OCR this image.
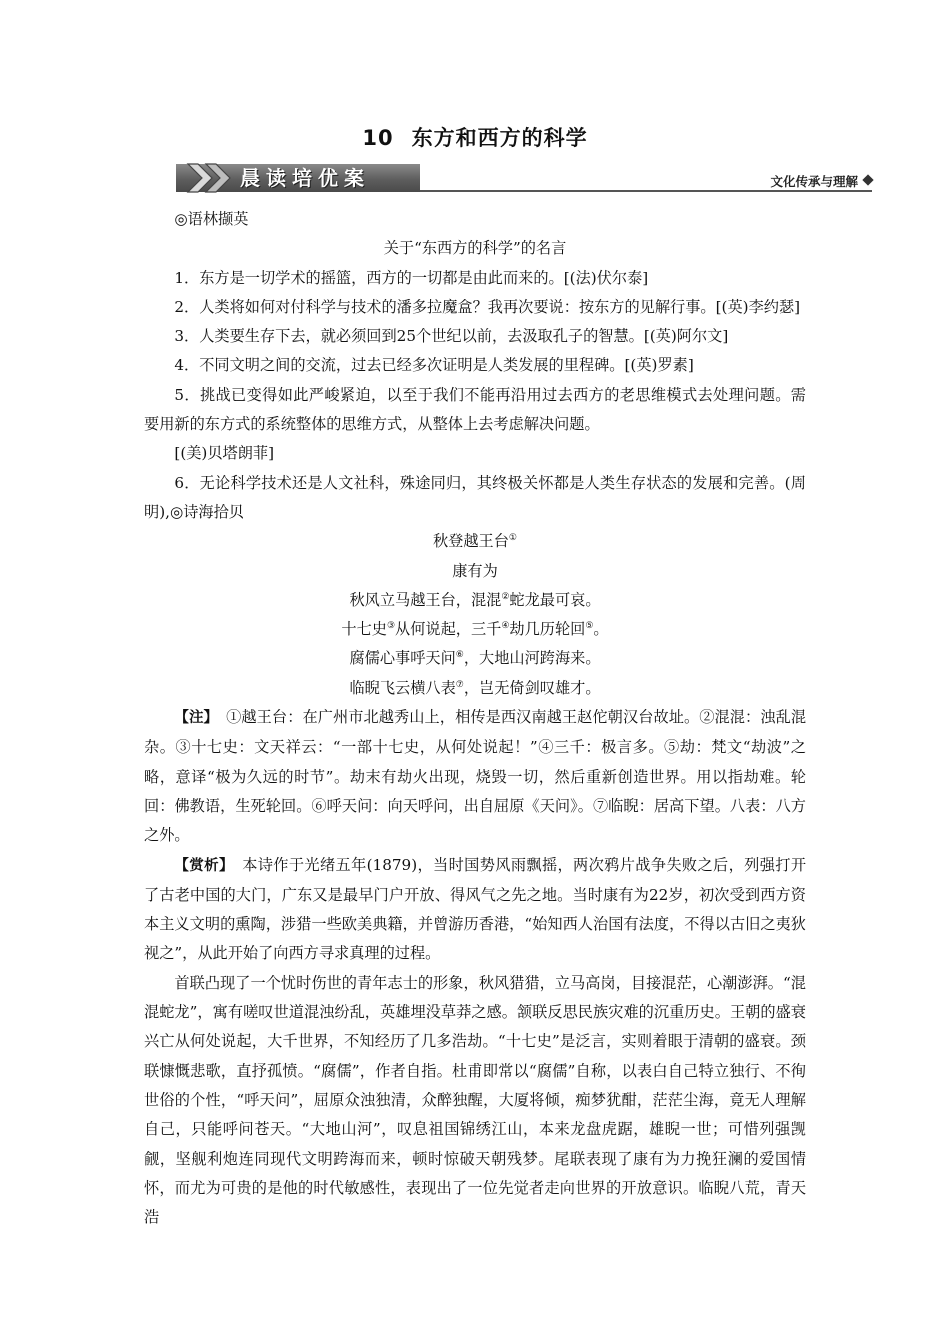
10 东方和西方的科学
晨读培优案	文化传承与理解

◎语林撷英

关于“东西方的科学”的名言

1．东方是一切学术的摇篮，西方的一切都是由此而来的。[(法)伏尔泰]

2．人类将如何对付科学与技术的潘多拉魔盒？我再次要说：按东方的见解行事。[(英)李约瑟]

3．人类要生存下去，就必须回到25个世纪以前，去汲取孔子的智慧。[(英)阿尔文]

4．不同文明之间的交流，过去已经多次证明是人类发展的里程碑。[(英)罗素]

5．挑战已变得如此严峻紧迫，以至于我们不能再沿用过去西方的老思维模式去处理问题。需要用新的东方式的系统整体的思维方式，从整体上去考虑解决问题。

[(美)贝塔朗菲]

6．无论科学技术还是人文社科，殊途同归，其终极关怀都是人类生存状态的发展和完善。(周明),◎诗海拾贝

秋登越王台①

康有为

秋风立马越王台，混混②蛇龙最可哀。

十七史③从何说起，三千④劫几历轮回⑤。

腐儒心事呼天问⑥，大地山河跨海来。

临睨飞云横八表⑦，岂无倚剑叹雄才。

【注】　 ①越王台：在广州市北越秀山上，相传是西汉南越王赵佗朝汉台故址。②混混：浊乱混杂。③十七史：文天祥云：“一部十七史，从何处说起！”④三千：极言多。⑤劫：梵文“劫波”之略，意译“极为久远的时节”。劫末有劫火出现，烧毁一切，然后重新创造世界。用以指劫难。轮回：佛教语，生死轮回。⑥呼天问：向天呼问，出自屈原《天问》。⑦临睨：居高下望。八表：八方之外。

【赏析】　 本诗作于光绪五年(1879)，当时国势风雨飘摇，两次鸦片战争失败之后，列强打开了古老中国的大门，广东又是最早门户开放、得风气之先之地。当时康有为22岁，初次受到西方资本主义文明的熏陶，涉猎一些欧美典籍，并曾游历香港，“始知西人治国有法度，不得以古旧之夷狄视之”，从此开始了向西方寻求真理的过程。

首联凸现了一个忧时伤世的青年志士的形象，秋风猎猎，立马高岗，目接混茫，心潮澎湃。“混混蛇龙”，寓有嗟叹世道混浊纷乱，英雄埋没草莽之感。颔联反思民族灾难的沉重历史。王朝的盛衰兴亡从何处说起，大千世界，不知经历了几多浩劫。“十七史”是泛言，实则着眼于清朝的盛衰。颈联慷慨悲歌，直抒孤愤。“腐儒”，作者自指。杜甫即常以“腐儒”自称，以表白自己特立独行、不徇世俗的个性，“呼天问”，屈原众浊独清，众醉独醒，大厦将倾，痴梦犹酣，茫茫尘海，竟无人理解自己，只能呼问苍天。“大地山河”，叹息祖国锦绣江山，本来龙盘虎踞，雄睨一世；可惜列强觊觎，坚舰利炮连同现代文明跨海而来，顿时惊破天朝残梦。尾联表现了康有为力挽狂澜的爱国情怀，而尤为可贵的是他的时代敏感性，表现出了一位先觉者走向世界的开放意识。临睨八荒，青天浩
